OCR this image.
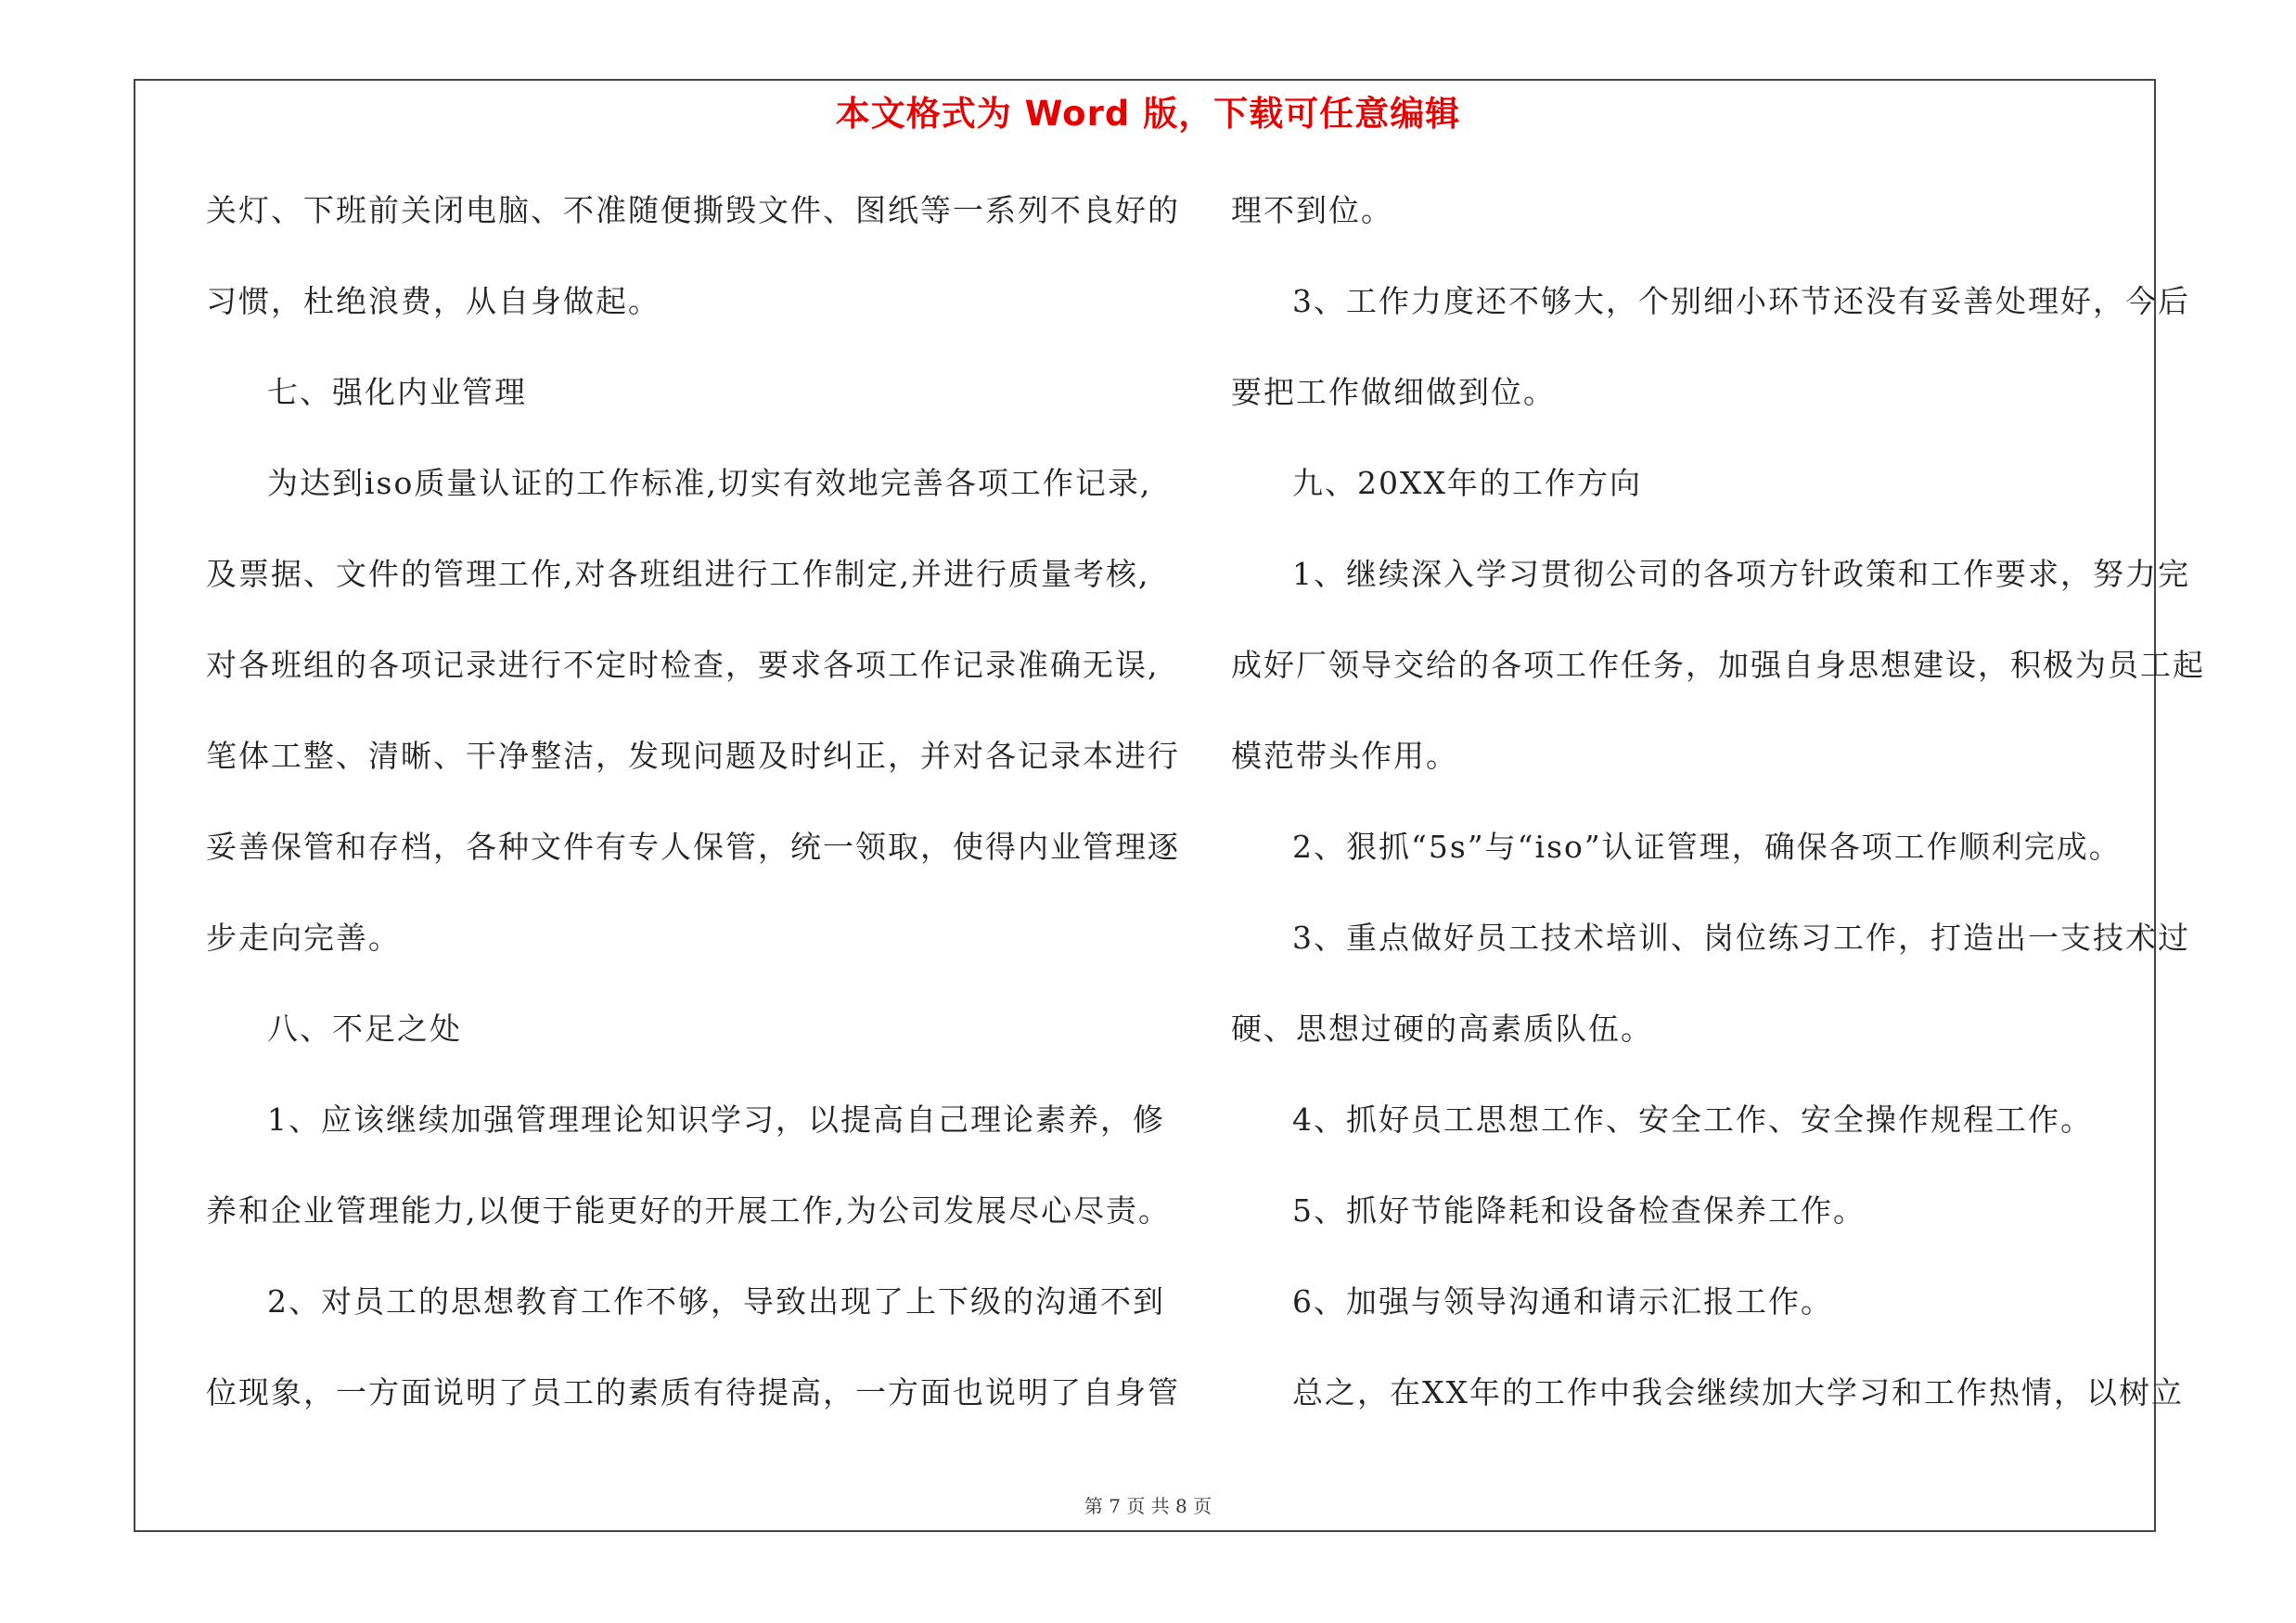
本文格式为 Word 版，下载可任意编辑
关灯、下班前关闭电脑、不准随便撕毁文件、图纸等一系列不良好的
习惯，杜绝浪费，从自身做起。
七、强化内业管理
为达到iso质量认证的工作标准,切实有效地完善各项工作记录,
及票据、文件的管理工作,对各班组进行工作制定,并进行质量考核,
对各班组的各项记录进行不定时检查，要求各项工作记录准确无误,
笔体工整、清晰、干净整洁，发现问题及时纠正，并对各记录本进行
妥善保管和存档，各种文件有专人保管，统一领取，使得内业管理逐
步走向完善。
八、不足之处
1、应该继续加强管理理论知识学习，以提高自己理论素养，修
养和企业管理能力,以便于能更好的开展工作,为公司发展尽心尽责。
2、对员工的思想教育工作不够，导致出现了上下级的沟通不到
位现象，一方面说明了员工的素质有待提高，一方面也说明了自身管
理不到位。
3、工作力度还不够大，个别细小环节还没有妥善处理好，今后
要把工作做细做到位。
九、20XX年的工作方向
1、继续深入学习贯彻公司的各项方针政策和工作要求，努力完
成好厂领导交给的各项工作任务，加强自身思想建设，积极为员工起
模范带头作用。
2、狠抓“5s”与“iso”认证管理，确保各项工作顺利完成。
3、重点做好员工技术培训、岗位练习工作，打造出一支技术过
硬、思想过硬的高素质队伍。
4、抓好员工思想工作、安全工作、安全操作规程工作。
5、抓好节能降耗和设备检查保养工作。
6、加强与领导沟通和请示汇报工作。
总之，在XX年的工作中我会继续加大学习和工作热情，以树立
第 7 页 共 8 页
